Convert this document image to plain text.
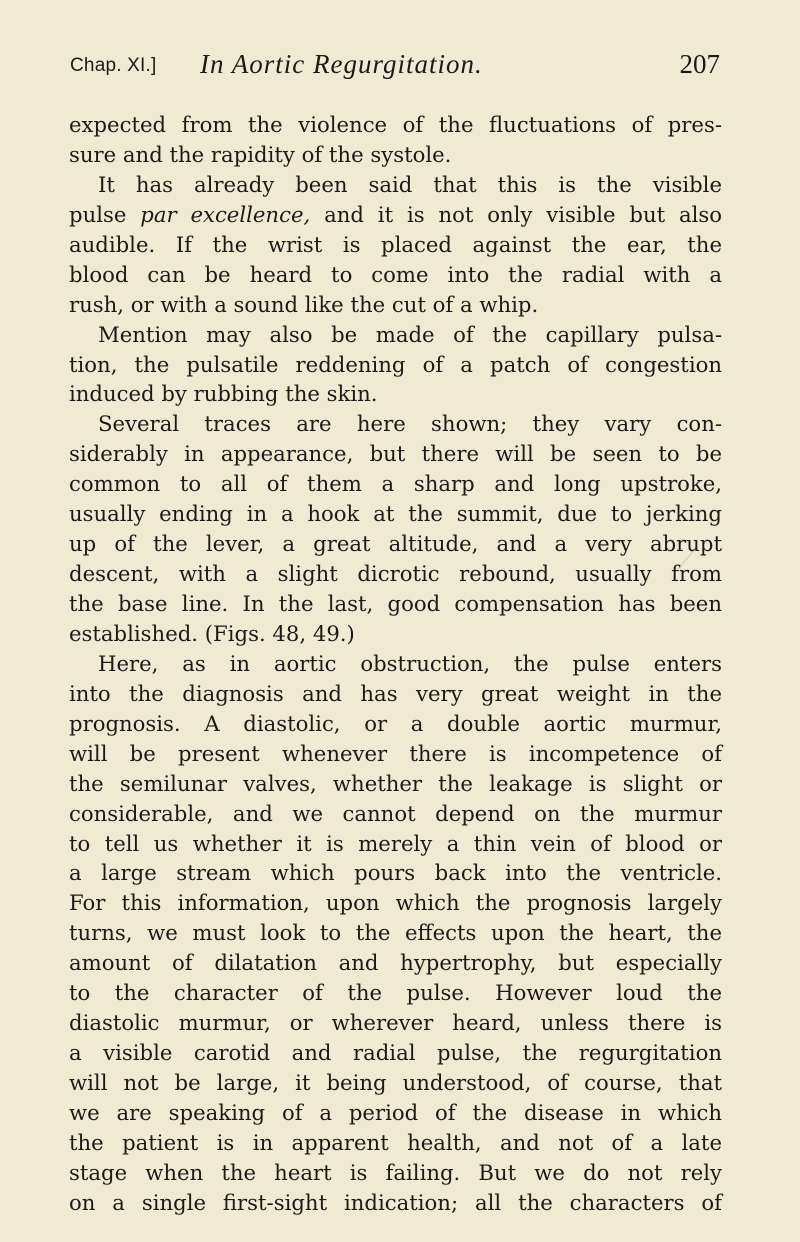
Chap. XI.] In Aortic Regurgitation.	207
expected from the violence of the fluctuations of pres-
sure and the rapidity of the systole.
It has already been said that this is the visible
pulse par excellence, and it is not only visible but also
audible. If the wrist is placed against the ear, the
blood can be heard to come into the radial with a
rush, or with a sound like the cut of a whip.
Mention may also be made of the capillary pulsa-
tion, the pulsatile reddening of a patch of congestion
induced by rubbing the skin.
Several traces are here shown; they vary con-
siderably in appearance, but there will be seen to be
common to all of them a sharp and long upstroke,
usually ending in a hook at the summit, due to jerking
up of the lever, a great altitude, and a very abrupt
descent, with a slight dicrotic rebound, usually from
the base line. In the last, good compensation has been
established. (Figs. 48, 49.)
Here, as in aortic obstruction, the pulse enters
into the diagnosis and has very great weight in the
prognosis. A diastolic, or a double aortic murmur,
will be present whenever there is incompetence of
the semilunar valves, whether the leakage is slight or
considerable, and we cannot depend on the murmur
to tell us whether it is merely a thin vein of blood or
a large stream which pours back into the ventricle.
For this information, upon which the prognosis largely
turns, we must look to the effects upon the heart, the
amount of dilatation and hypertrophy, but especially
to the character of the pulse. However loud the
diastolic murmur, or wherever heard, unless there is
a visible carotid and radial pulse, the regurgitation
will not be large, it being understood, of course, that
we are speaking of a period of the disease in which
the patient is in apparent health, and not of a late
stage when the heart is failing. But we do not rely
on a single first-sight indication; all the characters of
